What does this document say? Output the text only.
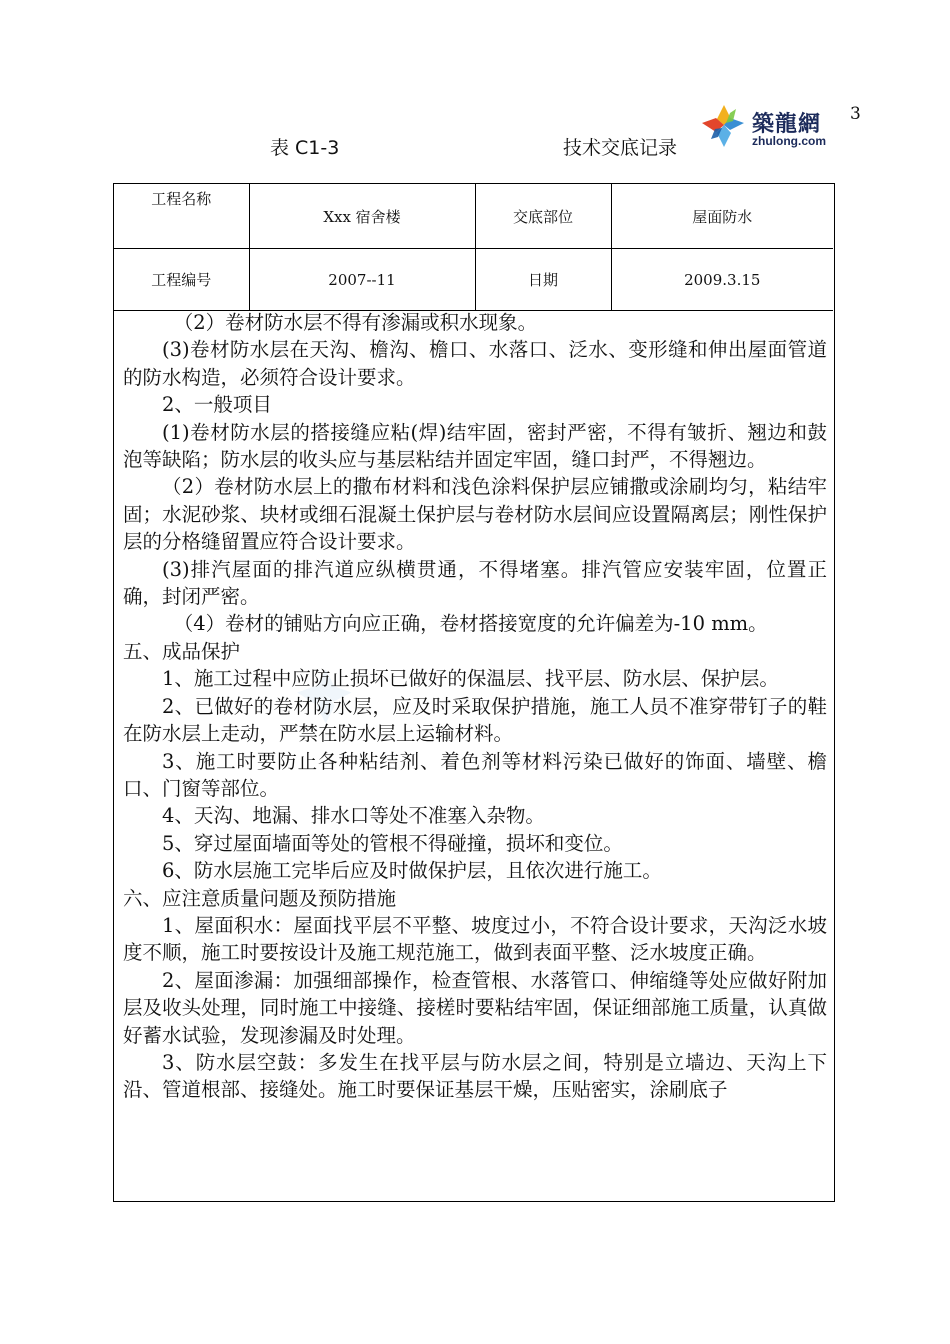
3
築龍網
zhulong.com
表 C1-3	技术交底记录
工程名称	Xxx 宿舍楼	交底部位	屋面防水
工程编号	2007--11	日期	2009.3.15

（2）卷材防水层不得有渗漏或积水现象。

(3)卷材防水层在天沟、檐沟、檐口、水落口、泛水、变形缝和伸出屋面管道的防水构造，必须符合设计要求。

2、一般项目

(1)卷材防水层的搭接缝应粘(焊)结牢固，密封严密，不得有皱折、翘边和鼓泡等缺陷；防水层的收头应与基层粘结并固定牢固，缝口封严，不得翘边。

（2）卷材防水层上的撒布材料和浅色涂料保护层应铺撒或涂刷均匀，粘结牢固；水泥砂浆、块材或细石混凝土保护层与卷材防水层间应设置隔离层；刚性保护层的分格缝留置应符合设计要求。

(3)排汽屋面的排汽道应纵横贯通，不得堵塞。排汽管应安装牢固，位置正确，封闭严密。

（4）卷材的铺贴方向应正确，卷材搭接宽度的允许偏差为-10 mm。

五、成品保护

1、施工过程中应防止损坏已做好的保温层、找平层、防水层、保护层。

2、已做好的卷材防水层，应及时采取保护措施，施工人员不准穿带钉子的鞋在防水层上走动，严禁在防水层上运输材料。

3、施工时要防止各种粘结剂、着色剂等材料污染已做好的饰面、墙壁、檐口、门窗等部位。

4、天沟、地漏、排水口等处不准塞入杂物。

5、穿过屋面墙面等处的管根不得碰撞，损坏和变位。

6、防水层施工完毕后应及时做保护层，且依次进行施工。

六、应注意质量问题及预防措施

1、屋面积水：屋面找平层不平整、坡度过小，不符合设计要求，天沟泛水坡度不顺，施工时要按设计及施工规范施工，做到表面平整、泛水坡度正确。

2、屋面渗漏：加强细部操作，检查管根、水落管口、伸缩缝等处应做好附加层及收头处理，同时施工中接缝、接槎时要粘结牢固，保证细部施工质量，认真做好蓄水试验，发现渗漏及时处理。

3、防水层空鼓：多发生在找平层与防水层之间，特别是立墙边、天沟上下沿、管道根部、接缝处。施工时要保证基层干燥，压贴密实，涂刷底子
